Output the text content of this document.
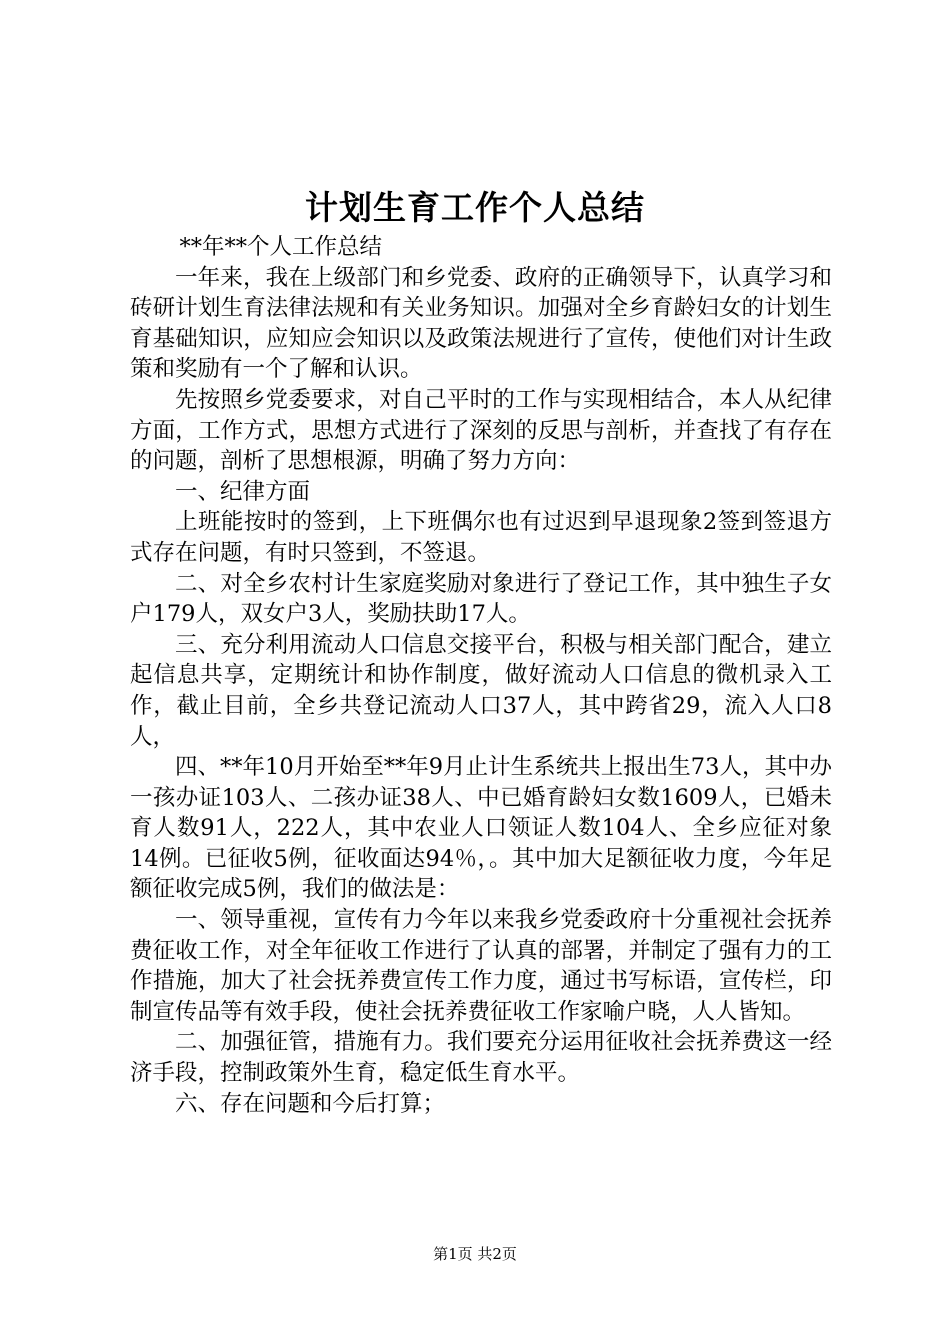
计划生育工作个人总结

**年**个人工作总结

一年来，我在上级部门和乡党委、政府的正确领导下，认真学习和砖研计划生育法律法规和有关业务知识。加强对全乡育龄妇女的计划生育基础知识，应知应会知识以及政策法规进行了宣传，使他们对计生政策和奖励有一个了解和认识。

先按照乡党委要求，对自己平时的工作与实现相结合，本人从纪律方面，工作方式，思想方式进行了深刻的反思与剖析，并查找了有存在的问题，剖析了思想根源，明确了努力方向：

一、纪律方面

上班能按时的签到，上下班偶尔也有过迟到早退现象2签到签退方式存在问题，有时只签到，不签退。

二、对全乡农村计生家庭奖励对象进行了登记工作，其中独生子女户179人，双女户3人，奖励扶助17人。

三、充分利用流动人口信息交接平台，积极与相关部门配合，建立起信息共享，定期统计和协作制度，做好流动人口信息的微机录入工作，截止目前，全乡共登记流动人口37人，其中跨省29，流入人口8人，

四、**年10月开始至**年9月止计生系统共上报出生73人，其中办一孩办证103人、二孩办证38人、中已婚育龄妇女数1609人，已婚未育人数91人，222人，其中农业人口领证人数104人、全乡应征对象14例。已征收5例，征收面达94％，。其中加大足额征收力度，今年足额征收完成5例，我们的做法是：

一、领导重视，宣传有力今年以来我乡党委政府十分重视社会抚养费征收工作，对全年征收工作进行了认真的部署，并制定了强有力的工作措施，加大了社会抚养费宣传工作力度，通过书写标语，宣传栏，印制宣传品等有效手段，使社会抚养费征收工作家喻户晓，人人皆知。

二、加强征管，措施有力。我们要充分运用征收社会抚养费这一经济手段，控制政策外生育，稳定低生育水平。

六、存在问题和今后打算；

第1页 共2页
